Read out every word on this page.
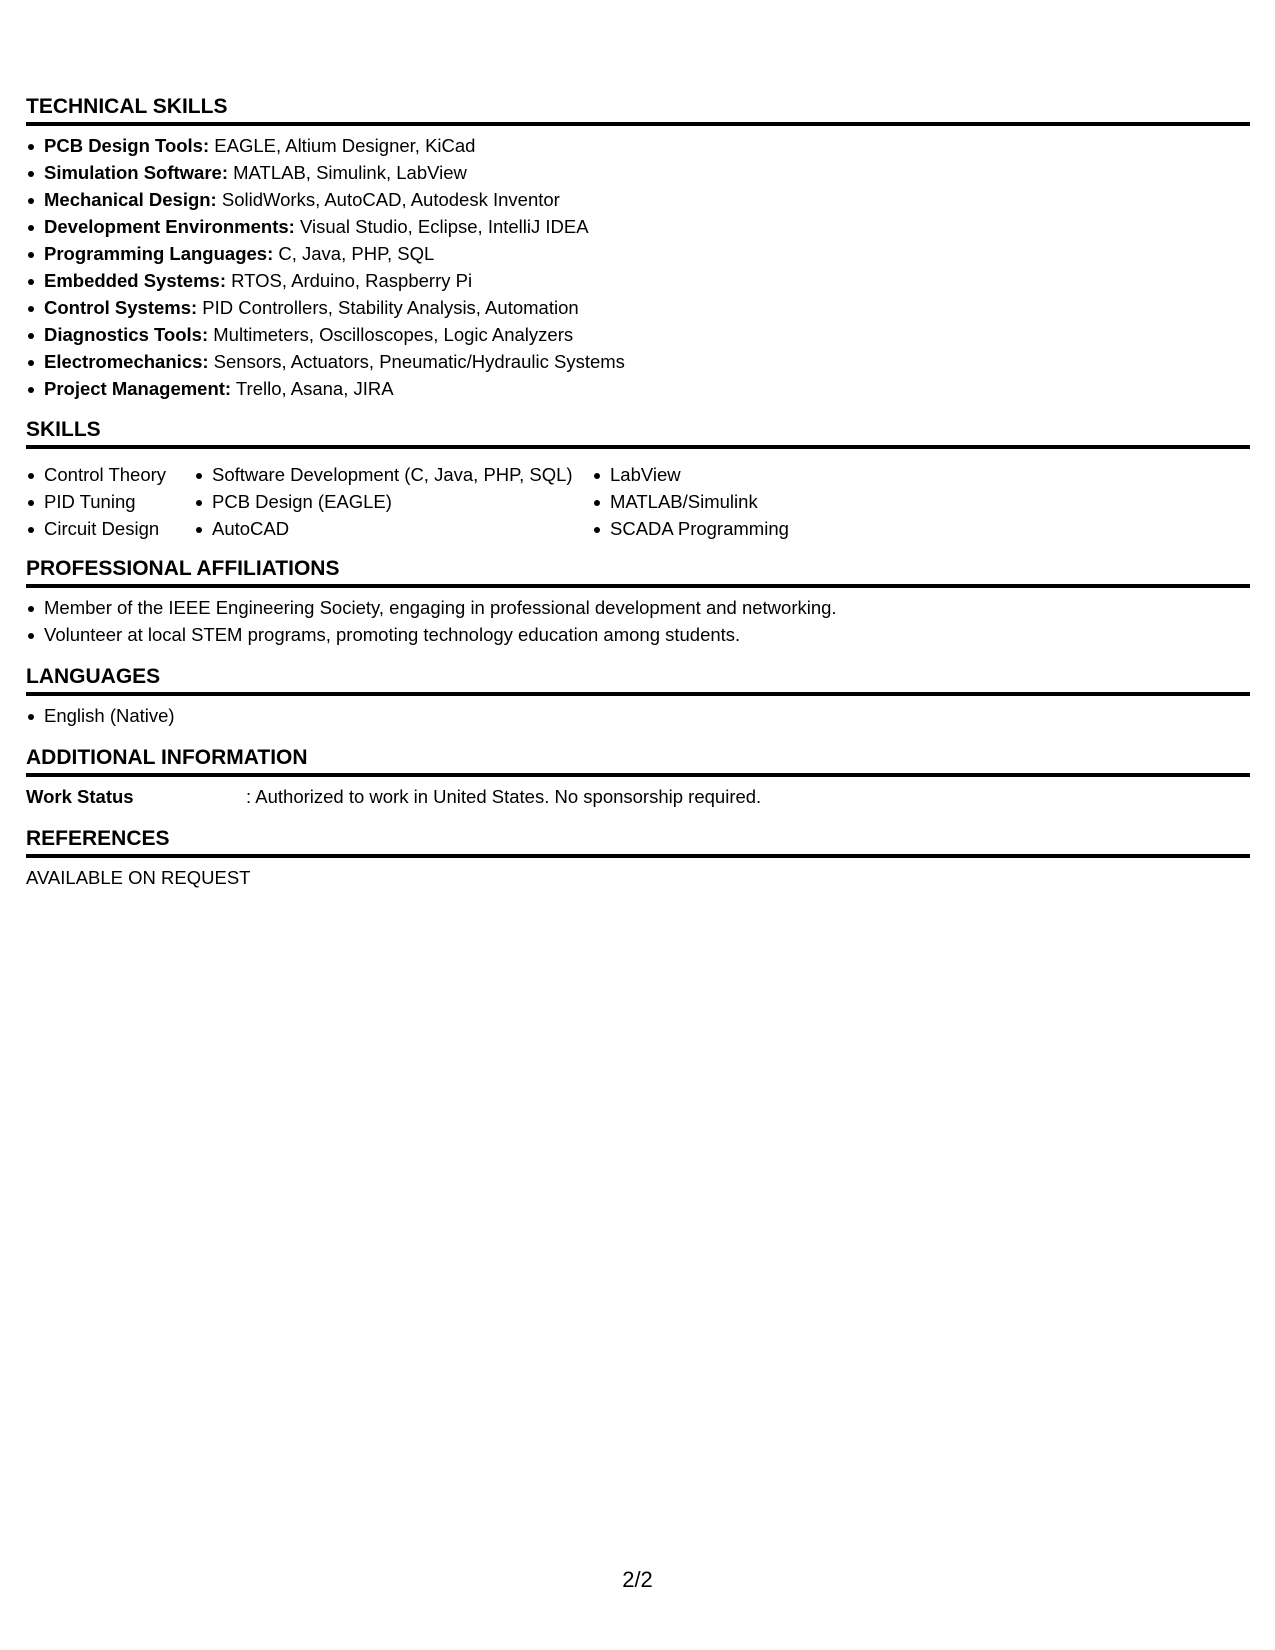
TECHNICAL SKILLS
PCB Design Tools: EAGLE, Altium Designer, KiCad
Simulation Software: MATLAB, Simulink, LabView
Mechanical Design: SolidWorks, AutoCAD, Autodesk Inventor
Development Environments: Visual Studio, Eclipse, IntelliJ IDEA
Programming Languages: C, Java, PHP, SQL
Embedded Systems: RTOS, Arduino, Raspberry Pi
Control Systems: PID Controllers, Stability Analysis, Automation
Diagnostics Tools: Multimeters, Oscilloscopes, Logic Analyzers
Electromechanics: Sensors, Actuators, Pneumatic/Hydraulic Systems
Project Management: Trello, Asana, JIRA
SKILLS
Control Theory
PID Tuning
Circuit Design
Software Development (C, Java, PHP, SQL)
PCB Design (EAGLE)
AutoCAD
LabView
MATLAB/Simulink
SCADA Programming
PROFESSIONAL AFFILIATIONS
Member of the IEEE Engineering Society, engaging in professional development and networking.
Volunteer at local STEM programs, promoting technology education among students.
LANGUAGES
English (Native)
ADDITIONAL INFORMATION
Work Status	: Authorized to work in United States. No sponsorship required.
REFERENCES
AVAILABLE ON REQUEST
2/2
